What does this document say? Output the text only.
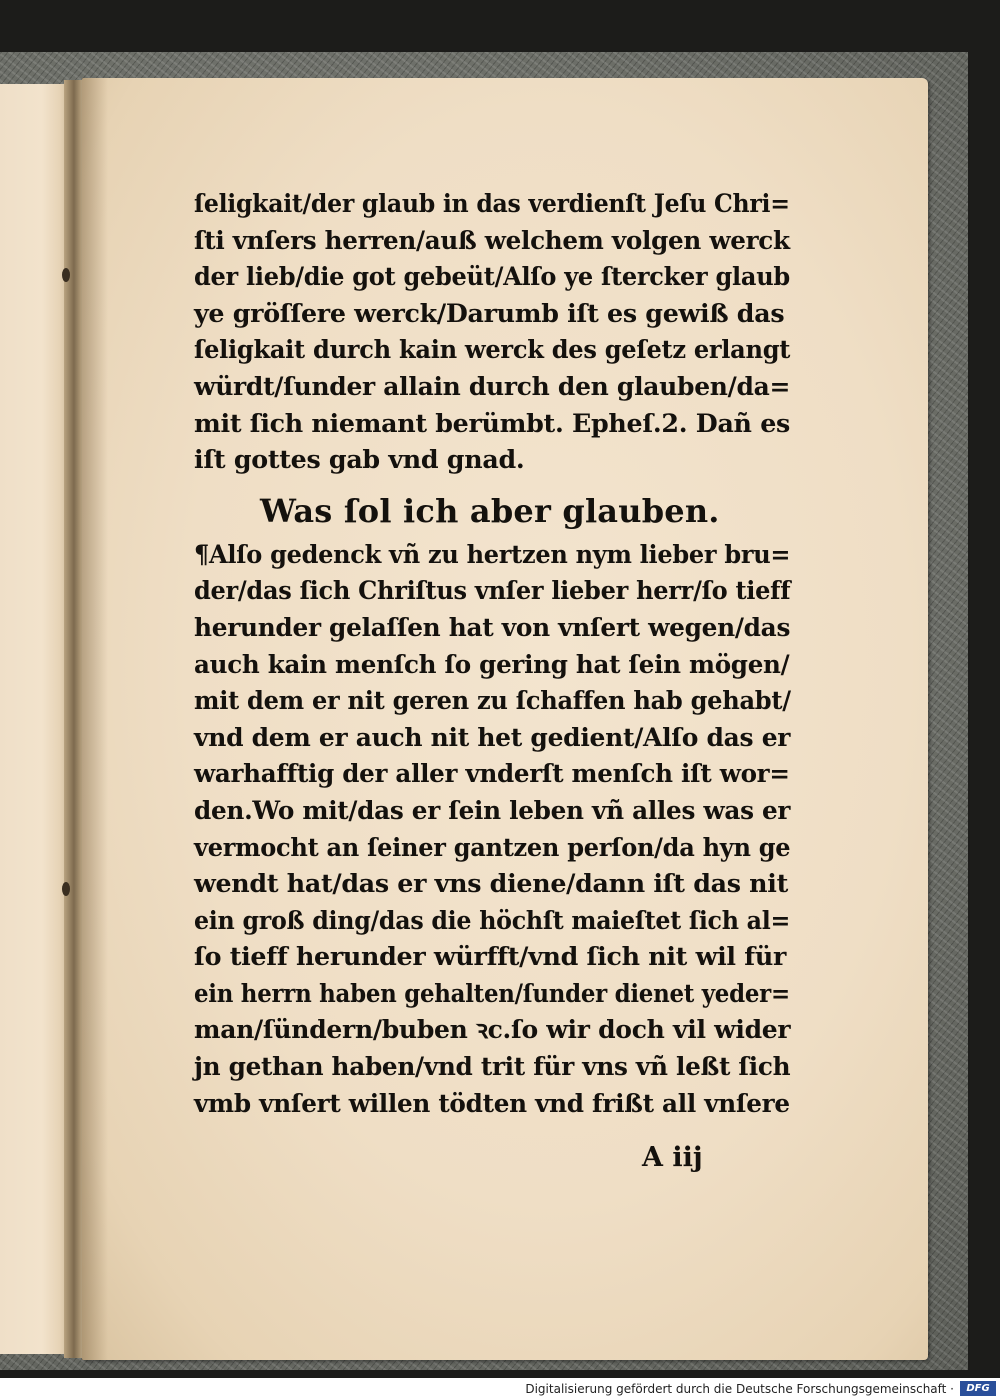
ſeligkait/der glaub in das verdienſt Jeſu Chri=
ſti vnſers herren/auß welchem volgen werck
der lieb/die got gebeüt/Alſo ye ſtercker glaub
ye gröſſere werck/Darumb iſt es gewiß das
ſeligkait durch kain werck des geſetz erlangt
würdt/ſunder allain durch den glauben/da=
mit ſich niemant berümbt. Epheſ.2. Dañ es
iſt gottes gab vnd gnad.
Was ſol ich aber glauben.
¶Alſo gedenck vñ zu hertzen nym lieber bru=
der/das ſich Chriſtus vnſer lieber herr/ſo tieff
herunder gelaſſen hat von vnſert wegen/das
auch kain menſch ſo gering hat ſein mögen/
mit dem er nit geren zu ſchaffen hab gehabt/
vnd dem er auch nit het gedient/Alſo das er
warhafftig der aller vnderſt menſch iſt wor=
den.Wo mit/das er ſein leben vñ alles was er
vermocht an ſeiner gantzen perſon/da hyn ge
wendt hat/das er vns diene/dann iſt das nit
ein groß ding/das die höchſt maieſtet ſich al=
ſo tieff herunder würfft/vnd ſich nit wil für
ein herrn haben gehalten/ſunder dienet yeder=
man/ſündern/buben ꝛc.ſo wir doch vil wider
jn gethan haben/vnd trit für vns vñ leßt ſich
vmb vnſert willen tödten vnd frißt all vnſere
A iij
Digitalisierung gefördert durch die Deutsche Forschungsgemeinschaft ·	DFG
